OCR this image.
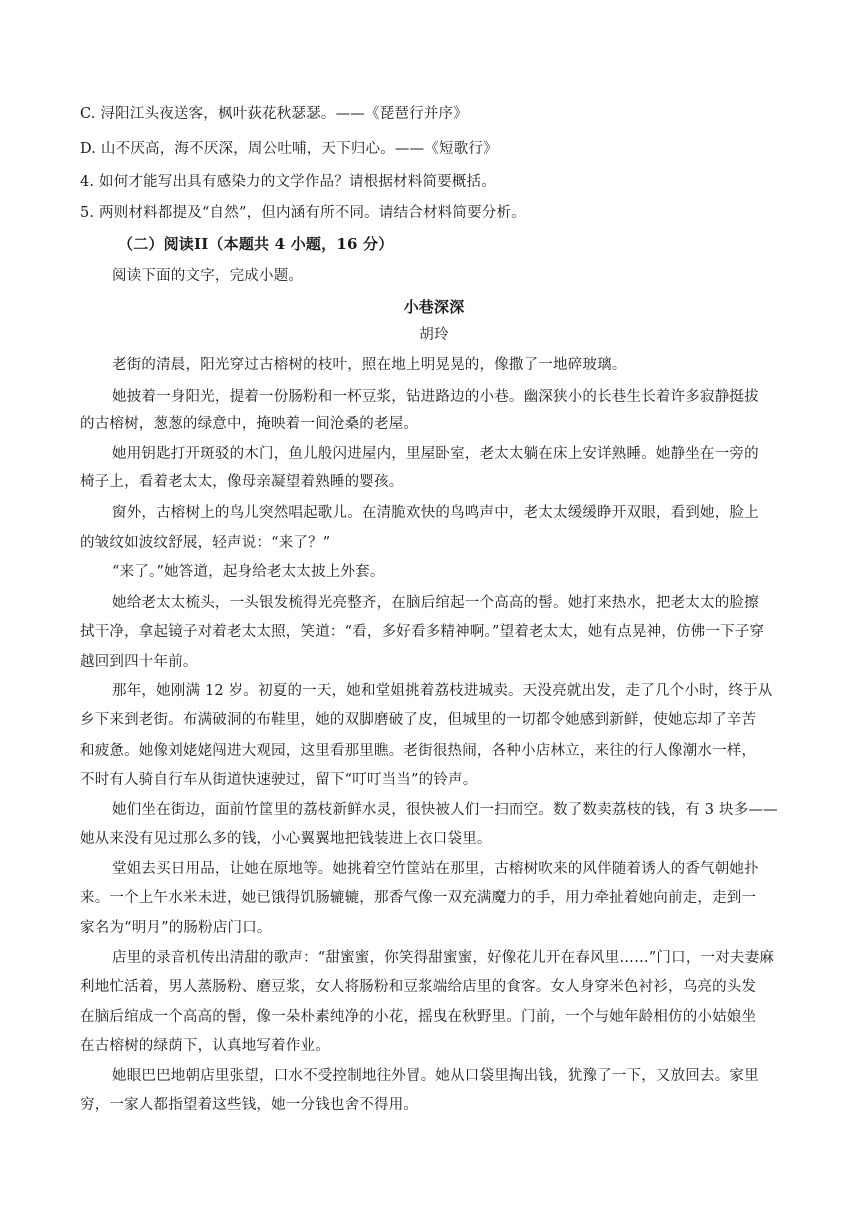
C. 浔阳江头夜送客，枫叶荻花秋瑟瑟。——《琵琶行并序》
D. 山不厌高，海不厌深，周公吐哺，天下归心。——《短歌行》
4. 如何才能写出具有感染力的文学作品？请根据材料简要概括。
5. 两则材料都提及“自然”，但内涵有所不同。请结合材料简要分析。
（二）阅读II（本题共 4 小题，16 分）
阅读下面的文字，完成小题。
小巷深深
胡玲
老街的清晨，阳光穿过古榕树的枝叶，照在地上明晃晃的，像撒了一地碎玻璃。
她披着一身阳光，提着一份肠粉和一杯豆浆，钻进路边的小巷。幽深狭小的长巷生长着许多寂静挺拔
的古榕树，葱葱的绿意中，掩映着一间沧桑的老屋。
她用钥匙打开斑驳的木门，鱼儿般闪进屋内，里屋卧室，老太太躺在床上安详熟睡。她静坐在一旁的
椅子上，看着老太太，像母亲凝望着熟睡的婴孩。
窗外，古榕树上的鸟儿突然唱起歌儿。在清脆欢快的鸟鸣声中，老太太缓缓睁开双眼，看到她，脸上
的皱纹如波纹舒展，轻声说：“来了？”
“来了。”她答道，起身给老太太披上外套。
她给老太太梳头，一头银发梳得光亮整齐，在脑后绾起一个高高的髻。她打来热水，把老太太的脸擦
拭干净，拿起镜子对着老太太照，笑道：“看，多好看多精神啊。”望着老太太，她有点晃神，仿佛一下子穿
越回到四十年前。
那年，她刚满 12 岁。初夏的一天，她和堂姐挑着荔枝进城卖。天没亮就出发，走了几个小时，终于从
乡下来到老街。布满破洞的布鞋里，她的双脚磨破了皮，但城里的一切都令她感到新鲜，使她忘却了辛苦
和疲惫。她像刘姥姥闯进大观园，这里看那里瞧。老街很热闹，各种小店林立，来往的行人像潮水一样，
不时有人骑自行车从街道快速驶过，留下“叮叮当当”的铃声。
她们坐在街边，面前竹筐里的荔枝新鲜水灵，很快被人们一扫而空。数了数卖荔枝的钱，有 3 块多——
她从来没有见过那么多的钱，小心翼翼地把钱装进上衣口袋里。
堂姐去买日用品，让她在原地等。她挑着空竹筐站在那里，古榕树吹来的风伴随着诱人的香气朝她扑
来。一个上午水米未进，她已饿得饥肠辘辘，那香气像一双充满魔力的手，用力牵扯着她向前走，走到一
家名为“明月”的肠粉店门口。
店里的录音机传出清甜的歌声：“甜蜜蜜，你笑得甜蜜蜜，好像花儿开在春风里……”门口，一对夫妻麻
利地忙活着，男人蒸肠粉、磨豆浆，女人将肠粉和豆浆端给店里的食客。女人身穿米色衬衫，乌亮的头发
在脑后绾成一个高高的髻，像一朵朴素纯净的小花，摇曳在秋野里。门前，一个与她年龄相仿的小姑娘坐
在古榕树的绿荫下，认真地写着作业。
她眼巴巴地朝店里张望，口水不受控制地往外冒。她从口袋里掏出钱，犹豫了一下，又放回去。家里
穷，一家人都指望着这些钱，她一分钱也舍不得用。
